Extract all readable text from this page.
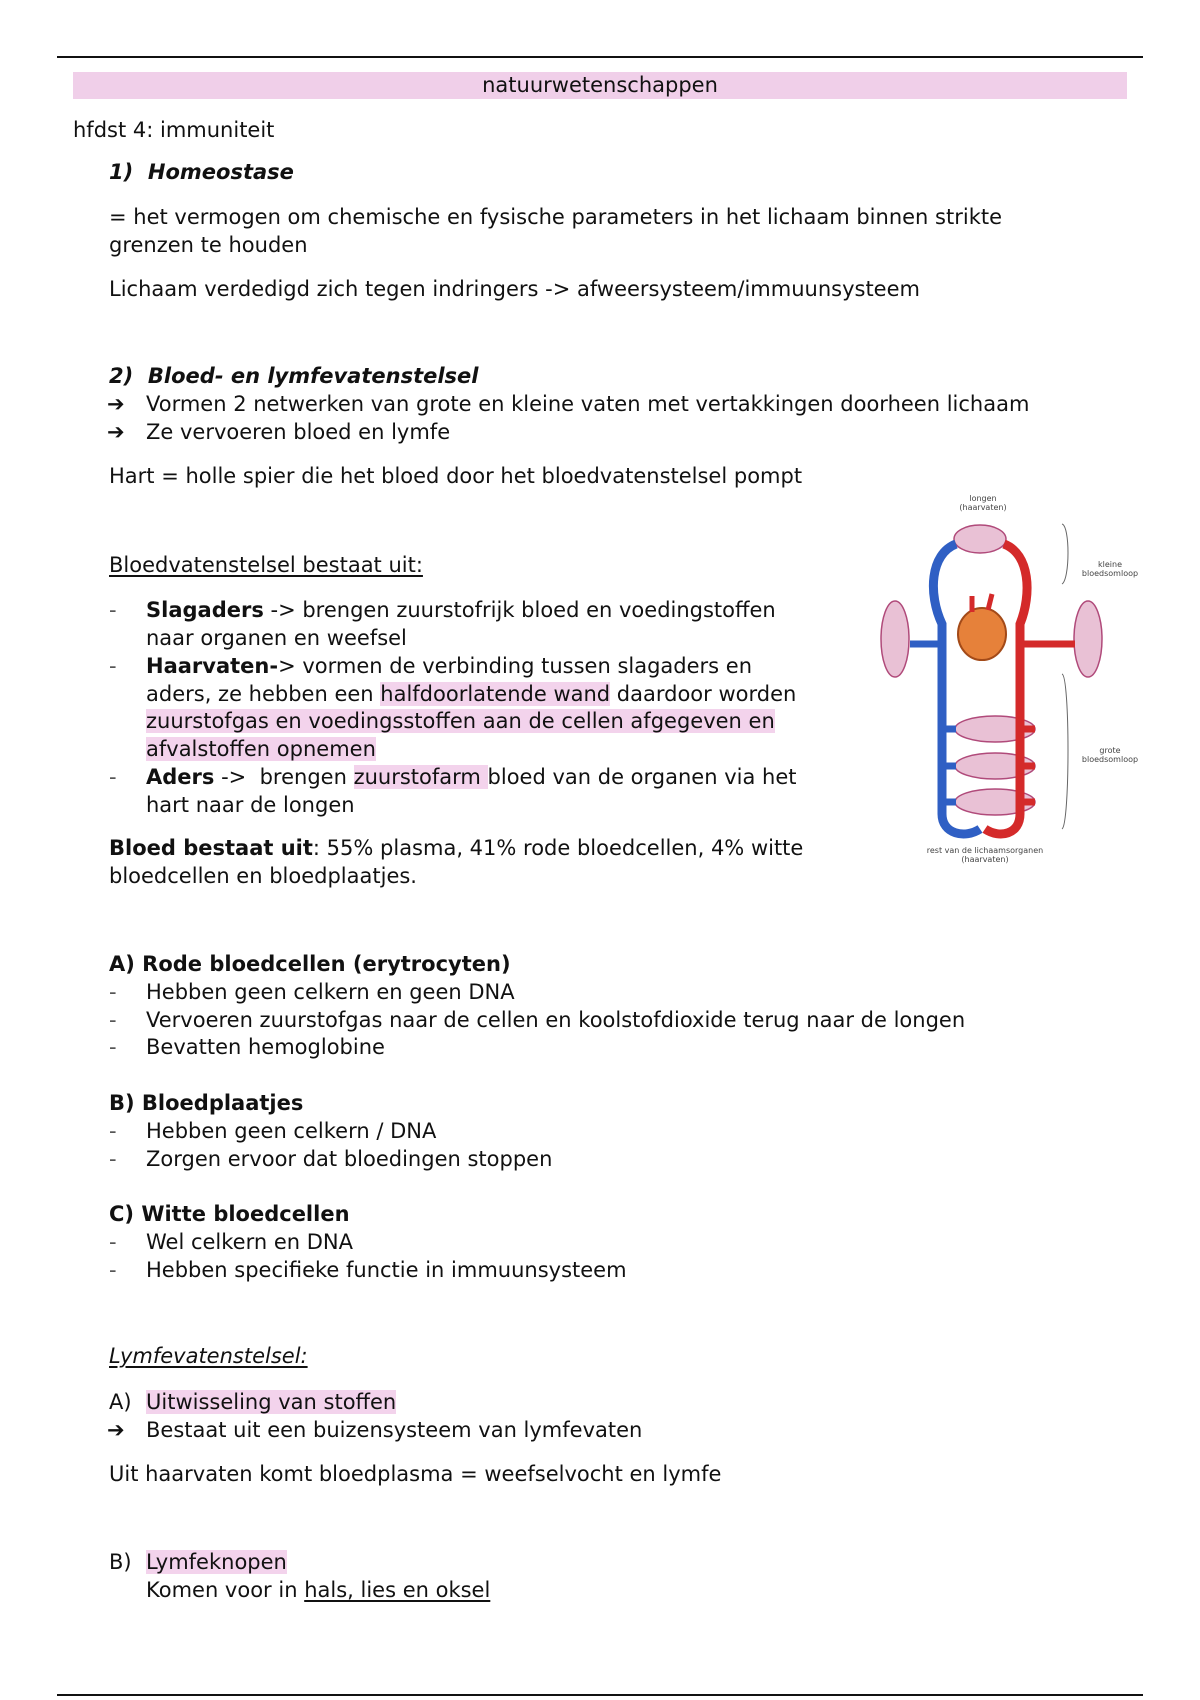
natuurwetenschappen
hfdst 4: immuniteit
1) Homeostase
= het vermogen om chemische en fysische parameters in het lichaam binnen strikte
grenzen te houden
Lichaam verdedigd zich tegen indringers -> afweersysteem/immuunsysteem
2) Bloed- en lymfevatenstelsel
➔ Vormen 2 netwerken van grote en kleine vaten met vertakkingen doorheen lichaam
➔ Ze vervoeren bloed en lymfe
Hart = holle spier die het bloed door het bloedvatenstelsel pompt
Bloedvatenstelsel bestaat uit:
- Slagaders -> brengen zuurstofrijk bloed en voedingstoffen
naar organen en weefsel
- Haarvaten-> vormen de verbinding tussen slagaders en
aders, ze hebben een halfdoorlatende wand daardoor worden
zuurstofgas en voedingsstoffen aan de cellen afgegeven en
afvalstoffen opnemen
- Aders ->  brengen zuurstofarm bloed van de organen via het
hart naar de longen
Bloed bestaat uit: 55% plasma, 41% rode bloedcellen, 4% witte
bloedcellen en bloedplaatjes.
longen
(haarvaten)
kleine
bloedsomloop
grote
bloedsomloop
rest van de lichaamsorganen
(haarvaten)
A) Rode bloedcellen (erytrocyten)
- Hebben geen celkern en geen DNA
- Vervoeren zuurstofgas naar de cellen en koolstofdioxide terug naar de longen
- Bevatten hemoglobine
B) Bloedplaatjes
- Hebben geen celkern / DNA
- Zorgen ervoor dat bloedingen stoppen
C) Witte bloedcellen
- Wel celkern en DNA
- Hebben specifieke functie in immuunsysteem
Lymfevatenstelsel:
A) Uitwisseling van stoffen
➔ Bestaat uit een buizensysteem van lymfevaten
Uit haarvaten komt bloedplasma = weefselvocht en lymfe
B) Lymfeknopen
Komen voor in hals, lies en oksel
